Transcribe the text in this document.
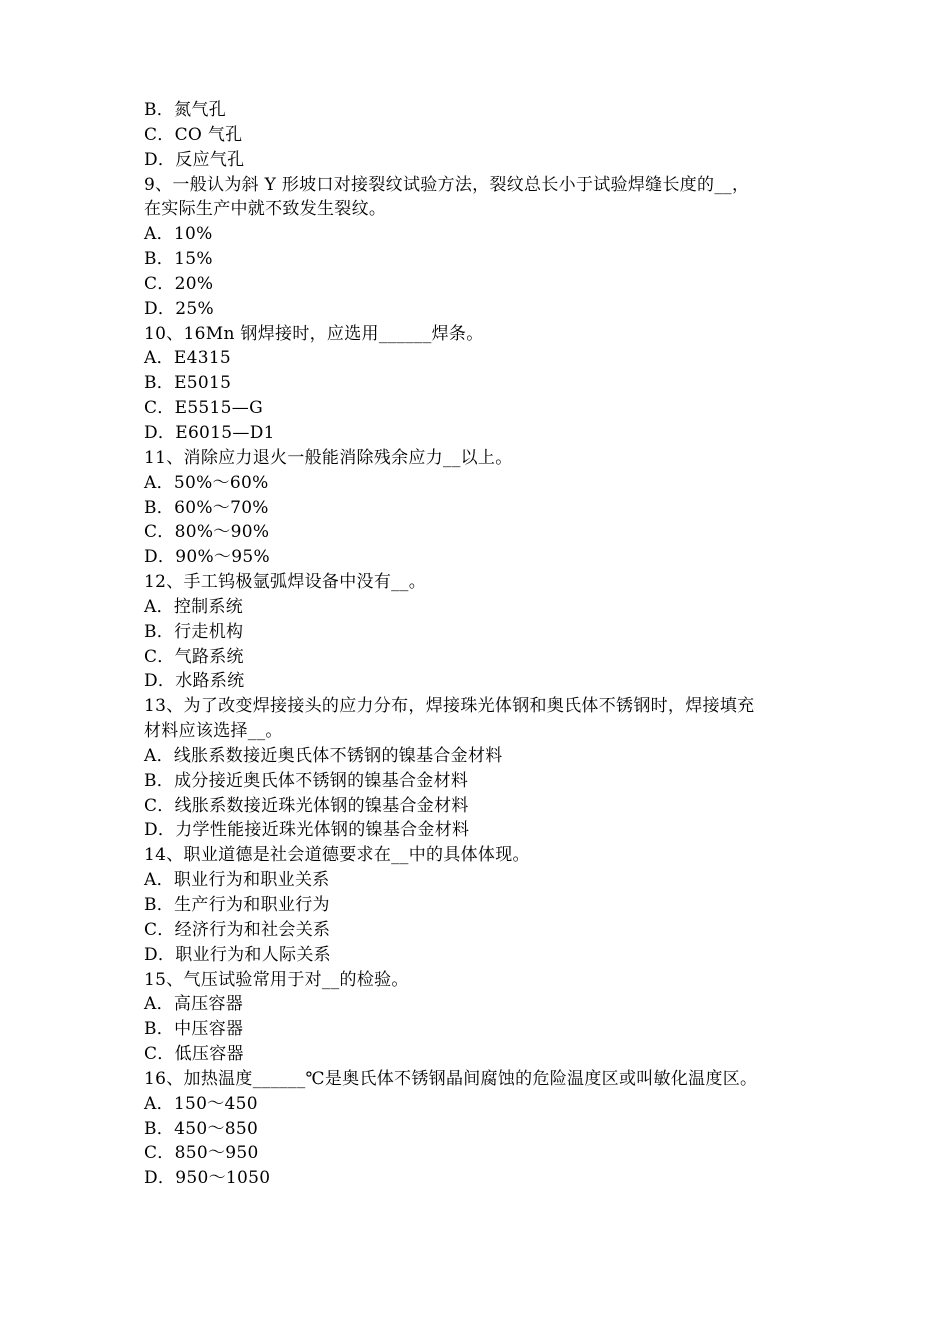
B．氮气孔
C．CO 气孔
D．反应气孔
9、一般认为斜 Y 形坡口对接裂纹试验方法，裂纹总长小于试验焊缝长度的__，
在实际生产中就不致发生裂纹。
A．10%
B．15%
C．20%
D．25%
10、16Mn 钢焊接时，应选用______焊条。
A．E4315
B．E5015
C．E5515—G
D．E6015—D1
11、消除应力退火一般能消除残余应力__以上。
A．50%～60%
B．60%～70%
C．80%～90%
D．90%～95%
12、手工钨极氩弧焊设备中没有__。
A．控制系统
B．行走机构
C．气路系统
D．水路系统
13、为了改变焊接接头的应力分布，焊接珠光体钢和奥氏体不锈钢时，焊接填充
材料应该选择__。
A．线胀系数接近奥氏体不锈钢的镍基合金材料
B．成分接近奥氏体不锈钢的镍基合金材料
C．线胀系数接近珠光体钢的镍基合金材料
D．力学性能接近珠光体钢的镍基合金材料
14、职业道德是社会道德要求在__中的具体体现。
A．职业行为和职业关系
B．生产行为和职业行为
C．经济行为和社会关系
D．职业行为和人际关系
15、气压试验常用于对__的检验。
A．高压容器
B．中压容器
C．低压容器
16、加热温度______℃是奥氏体不锈钢晶间腐蚀的危险温度区或叫敏化温度区。
A．150～450
B．450～850
C．850～950
D．950～1050
